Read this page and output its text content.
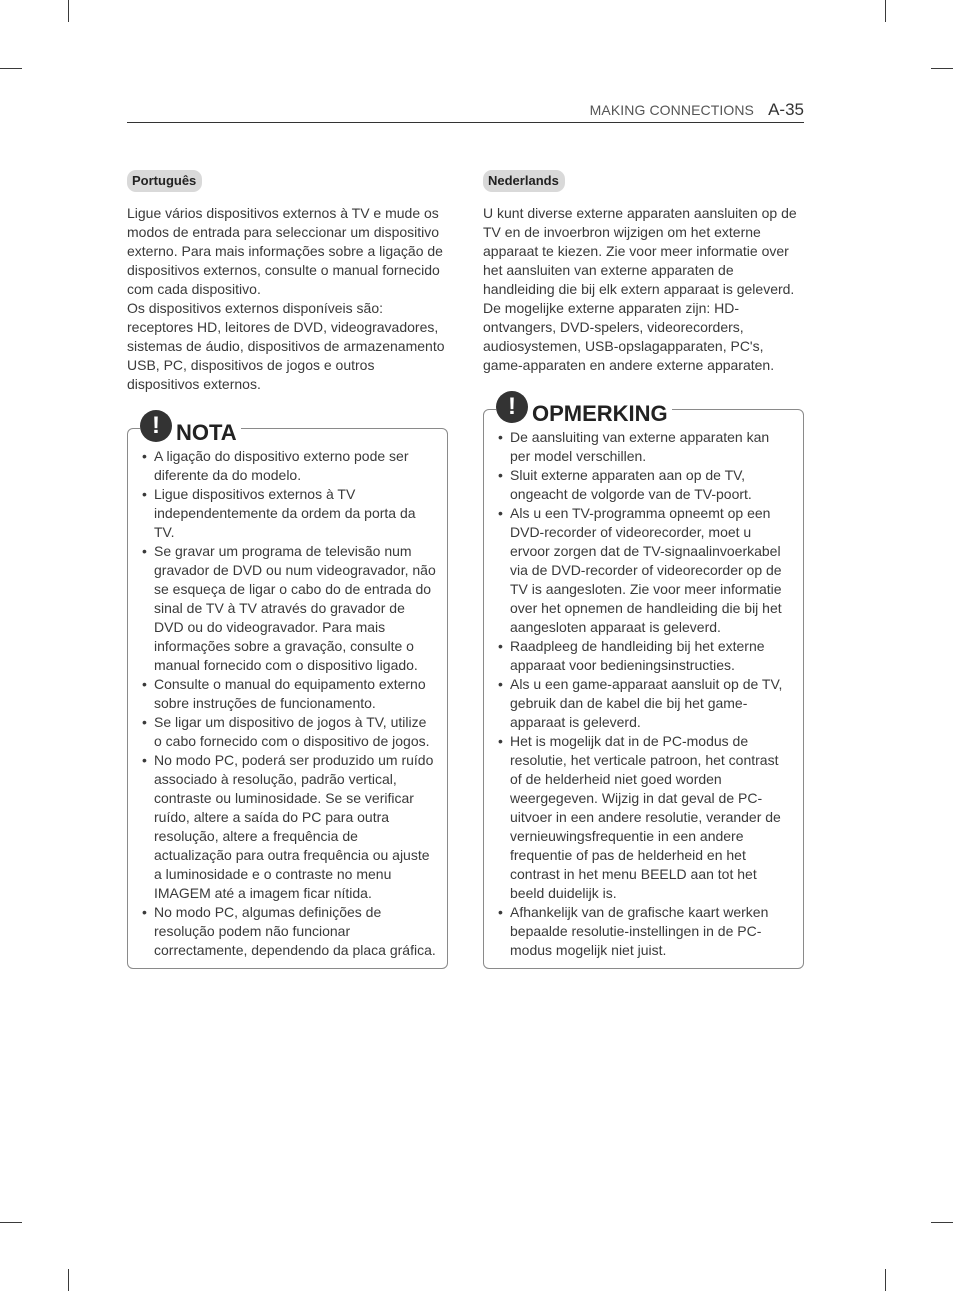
MAKING CONNECTIONS A-35
Português

Ligue vários dispositivos externos à TV e mude os modos de entrada para seleccionar um dispositivo externo. Para mais informações sobre a ligação de dispositivos externos, consulte o manual fornecido com cada dispositivo.

Os dispositivos externos disponíveis são: receptores HD, leitores de DVD, videogravadores, sistemas de áudio, dispositivos de armazenamento USB, PC, dispositivos de jogos e outros dispositivos externos.

! NOTA
• A ligação do dispositivo externo pode ser diferente da do modelo.
• Ligue dispositivos externos à TV independentemente da ordem da porta da TV.
• Se gravar um programa de televisão num gravador de DVD ou num videogravador, não se esqueça de ligar o cabo do de entrada do sinal de TV à TV através do gravador de DVD ou do videogravador. Para mais informações sobre a gravação, consulte o manual fornecido com o dispositivo ligado.
• Consulte o manual do equipamento externo sobre instruções de funcionamento.
• Se ligar um dispositivo de jogos à TV, utilize o cabo fornecido com o dispositivo de jogos.
• No modo PC, poderá ser produzido um ruído associado à resolução, padrão vertical, contraste ou luminosidade. Se se verificar ruído, altere a saída do PC para outra resolução, altere a frequência de actualização para outra frequência ou ajuste a luminosidade e o contraste no menu IMAGEM até a imagem ficar nítida.
• No modo PC, algumas definições de resolução podem não funcionar correctamente, dependendo da placa gráfica.
Nederlands

U kunt diverse externe apparaten aansluiten op de TV en de invoerbron wijzigen om het externe apparaat te kiezen. Zie voor meer informatie over het aansluiten van externe apparaten de handleiding die bij elk extern apparaat is geleverd.

De mogelijke externe apparaten zijn: HD-ontvangers, DVD-spelers, videorecorders, audiosystemen, USB-opslagapparaten, PC's, game-apparaten en andere externe apparaten.

! OPMERKING
• De aansluiting van externe apparaten kan per model verschillen.
• Sluit externe apparaten aan op de TV, ongeacht de volgorde van de TV-poort.
• Als u een TV-programma opneemt op een DVD-recorder of videorecorder, moet u ervoor zorgen dat de TV-signaalinvoerkabel via de DVD-recorder of videorecorder op de TV is aangesloten. Zie voor meer informatie over het opnemen de handleiding die bij het aangesloten apparaat is geleverd.
• Raadpleeg de handleiding bij het externe apparaat voor bedieningsinstructies.
• Als u een game-apparaat aansluit op de TV, gebruik dan de kabel die bij het game-apparaat is geleverd.
• Het is mogelijk dat in de PC-modus de resolutie, het verticale patroon, het contrast of de helderheid niet goed worden weergegeven. Wijzig in dat geval de PC-uitvoer in een andere resolutie, verander de vernieuwingsfrequentie in een andere frequentie of pas de helderheid en het contrast in het menu BEELD aan tot het beeld duidelijk is.
• Afhankelijk van de grafische kaart werken bepaalde resolutie-instellingen in de PC-modus mogelijk niet juist.
